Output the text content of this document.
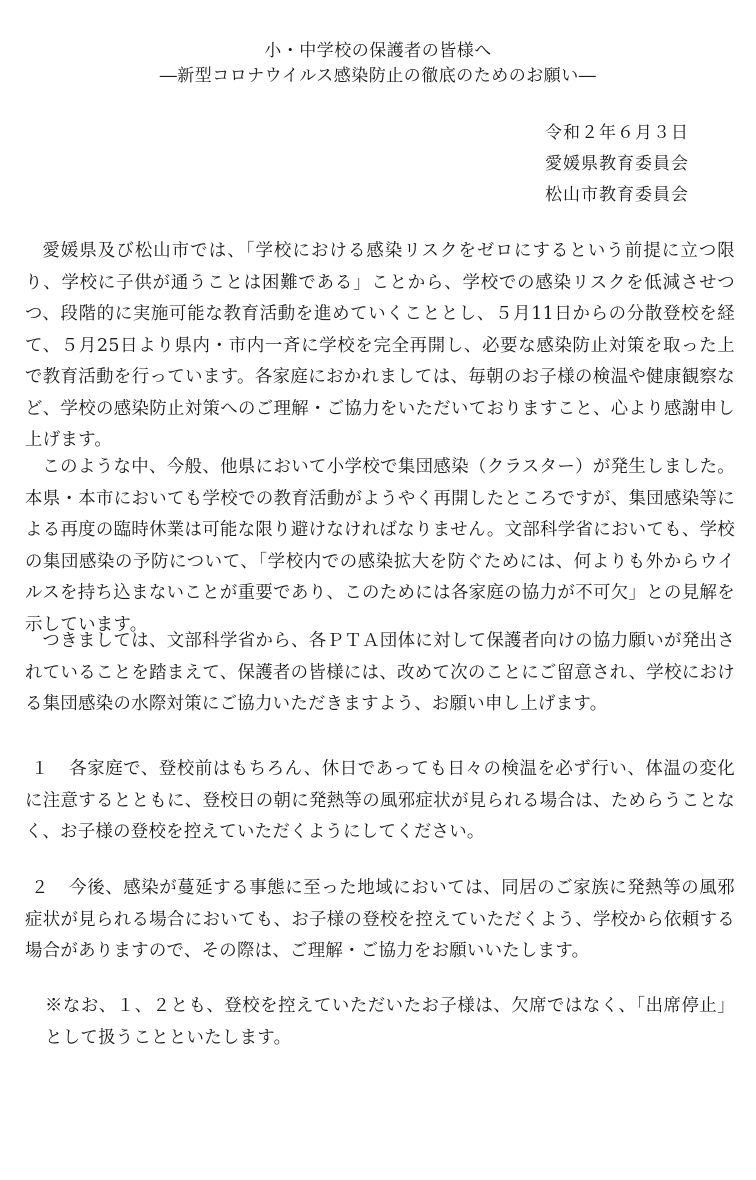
小・中学校の保護者の皆様へ
―新型コロナウイルス感染防止の徹底のためのお願い―
令和２年６月３日
愛媛県教育委員会
松山市教育委員会

愛媛県及び松山市では、「学校における感染リスクをゼロにするという前提に立つ限り、学校に子供が通うことは困難である」ことから、学校での感染リスクを低減させつつ、段階的に実施可能な教育活動を進めていくこととし、５月11日からの分散登校を経て、５月25日より県内・市内一斉に学校を完全再開し、必要な感染防止対策を取った上で教育活動を行っています。各家庭におかれましては、毎朝のお子様の検温や健康観察など、学校の感染防止対策へのご理解・ご協力をいただいておりますこと、心より感謝申し上げます。

このような中、今般、他県において小学校で集団感染（クラスター）が発生しました。本県・本市においても学校での教育活動がようやく再開したところですが、集団感染等による再度の臨時休業は可能な限り避けなければなりません。文部科学省においても、学校の集団感染の予防について、「学校内での感染拡大を防ぐためには、何よりも外からウイルスを持ち込まないことが重要であり、このためには各家庭の協力が不可欠」との見解を示しています。

つきましては、文部科学省から、各ＰＴＡ団体に対して保護者向けの協力願いが発出されていることを踏まえて、保護者の皆様には、改めて次のことにご留意され、学校における集団感染の水際対策にご協力いただきますよう、お願い申し上げます。

１ 各家庭で、登校前はもちろん、休日であっても日々の検温を必ず行い、体温の変化に注意するとともに、登校日の朝に発熱等の風邪症状が見られる場合は、ためらうことなく、お子様の登校を控えていただくようにしてください。

２ 今後、感染が蔓延する事態に至った地域においては、同居のご家族に発熱等の風邪症状が見られる場合においても、お子様の登校を控えていただくよう、学校から依頼する場合がありますので、その際は、ご理解・ご協力をお願いいたします。

※なお、１、２とも、登校を控えていただいたお子様は、欠席ではなく、「出席停止」として扱うことといたします。
